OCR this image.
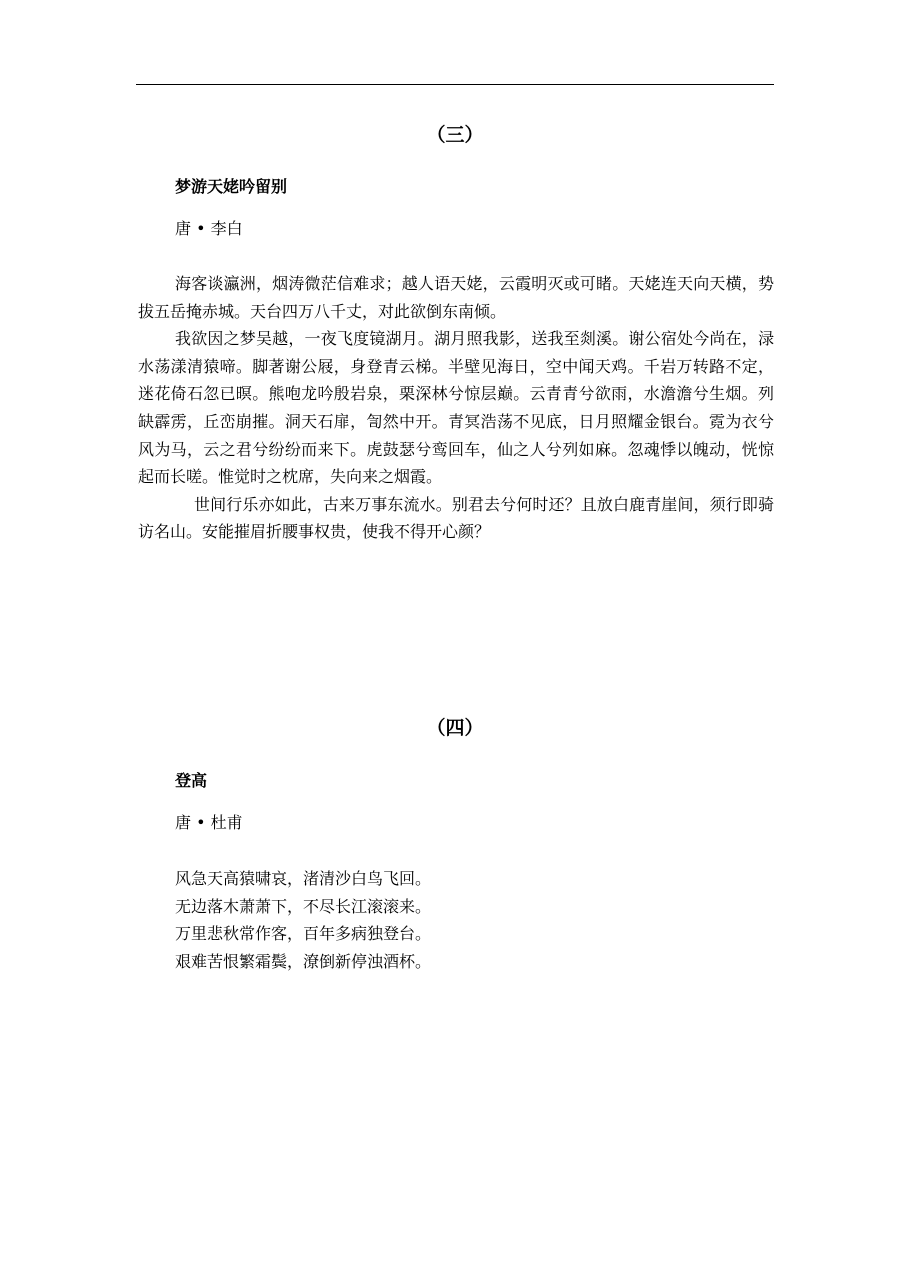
（三）
梦游天姥吟留别
唐 • 李白

海客谈瀛洲，烟涛微茫信难求；越人语天姥，云霞明灭或可睹。天姥连天向天横，势拔五岳掩赤城。天台四万八千丈，对此欲倒东南倾。

我欲因之梦吴越，一夜飞度镜湖月。湖月照我影，送我至剡溪。谢公宿处今尚在，渌水荡漾清猿啼。脚著谢公屐，身登青云梯。半壁见海日，空中闻天鸡。千岩万转路不定，迷花倚石忽已暝。熊咆龙吟殷岩泉，栗深林兮惊层巅。云青青兮欲雨，水澹澹兮生烟。列缺霹雳，丘峦崩摧。洞天石扉，訇然中开。青冥浩荡不见底，日月照耀金银台。霓为衣兮风为马，云之君兮纷纷而来下。虎鼓瑟兮鸾回车，仙之人兮列如麻。忽魂悸以魄动，恍惊起而长嗟。惟觉时之枕席，失向来之烟霞。

世间行乐亦如此，古来万事东流水。别君去兮何时还？且放白鹿青崖间，须行即骑访名山。安能摧眉折腰事权贵，使我不得开心颜？

（四）
登高
唐 • 杜甫
风急天高猿啸哀，渚清沙白鸟飞回。
无边落木萧萧下，不尽长江滚滚来。
万里悲秋常作客，百年多病独登台。
艰难苦恨繁霜鬓，潦倒新停浊酒杯。
